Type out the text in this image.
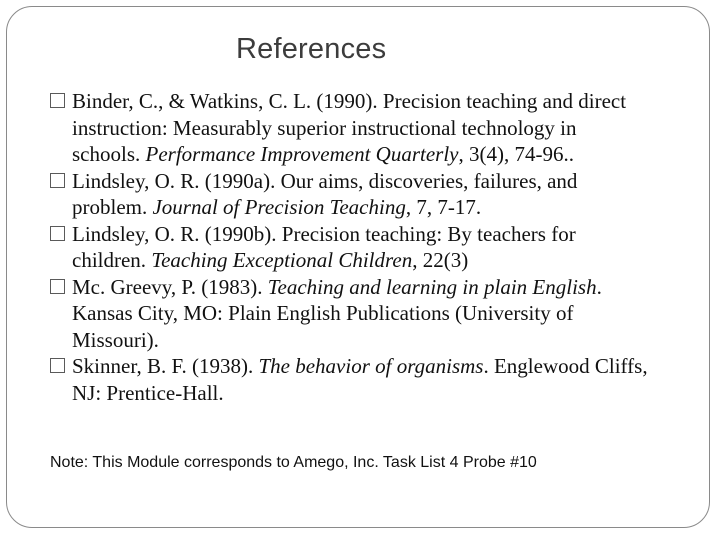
References
Binder, C., & Watkins, C. L. (1990). Precision teaching and direct instruction: Measurably superior instructional technology in schools. Performance Improvement Quarterly, 3(4), 74-96..
Lindsley, O. R. (1990a). Our aims, discoveries, failures, and problem. Journal of Precision Teaching, 7, 7-17.
Lindsley, O. R. (1990b). Precision teaching: By teachers for children. Teaching Exceptional Children, 22(3)
Mc. Greevy, P. (1983). Teaching and learning in plain English. Kansas City, MO: Plain English Publications (University of Missouri).
Skinner, B. F. (1938). The behavior of organisms. Englewood Cliffs, NJ: Prentice-Hall.
Note: This Module corresponds to Amego, Inc. Task List 4 Probe #10
